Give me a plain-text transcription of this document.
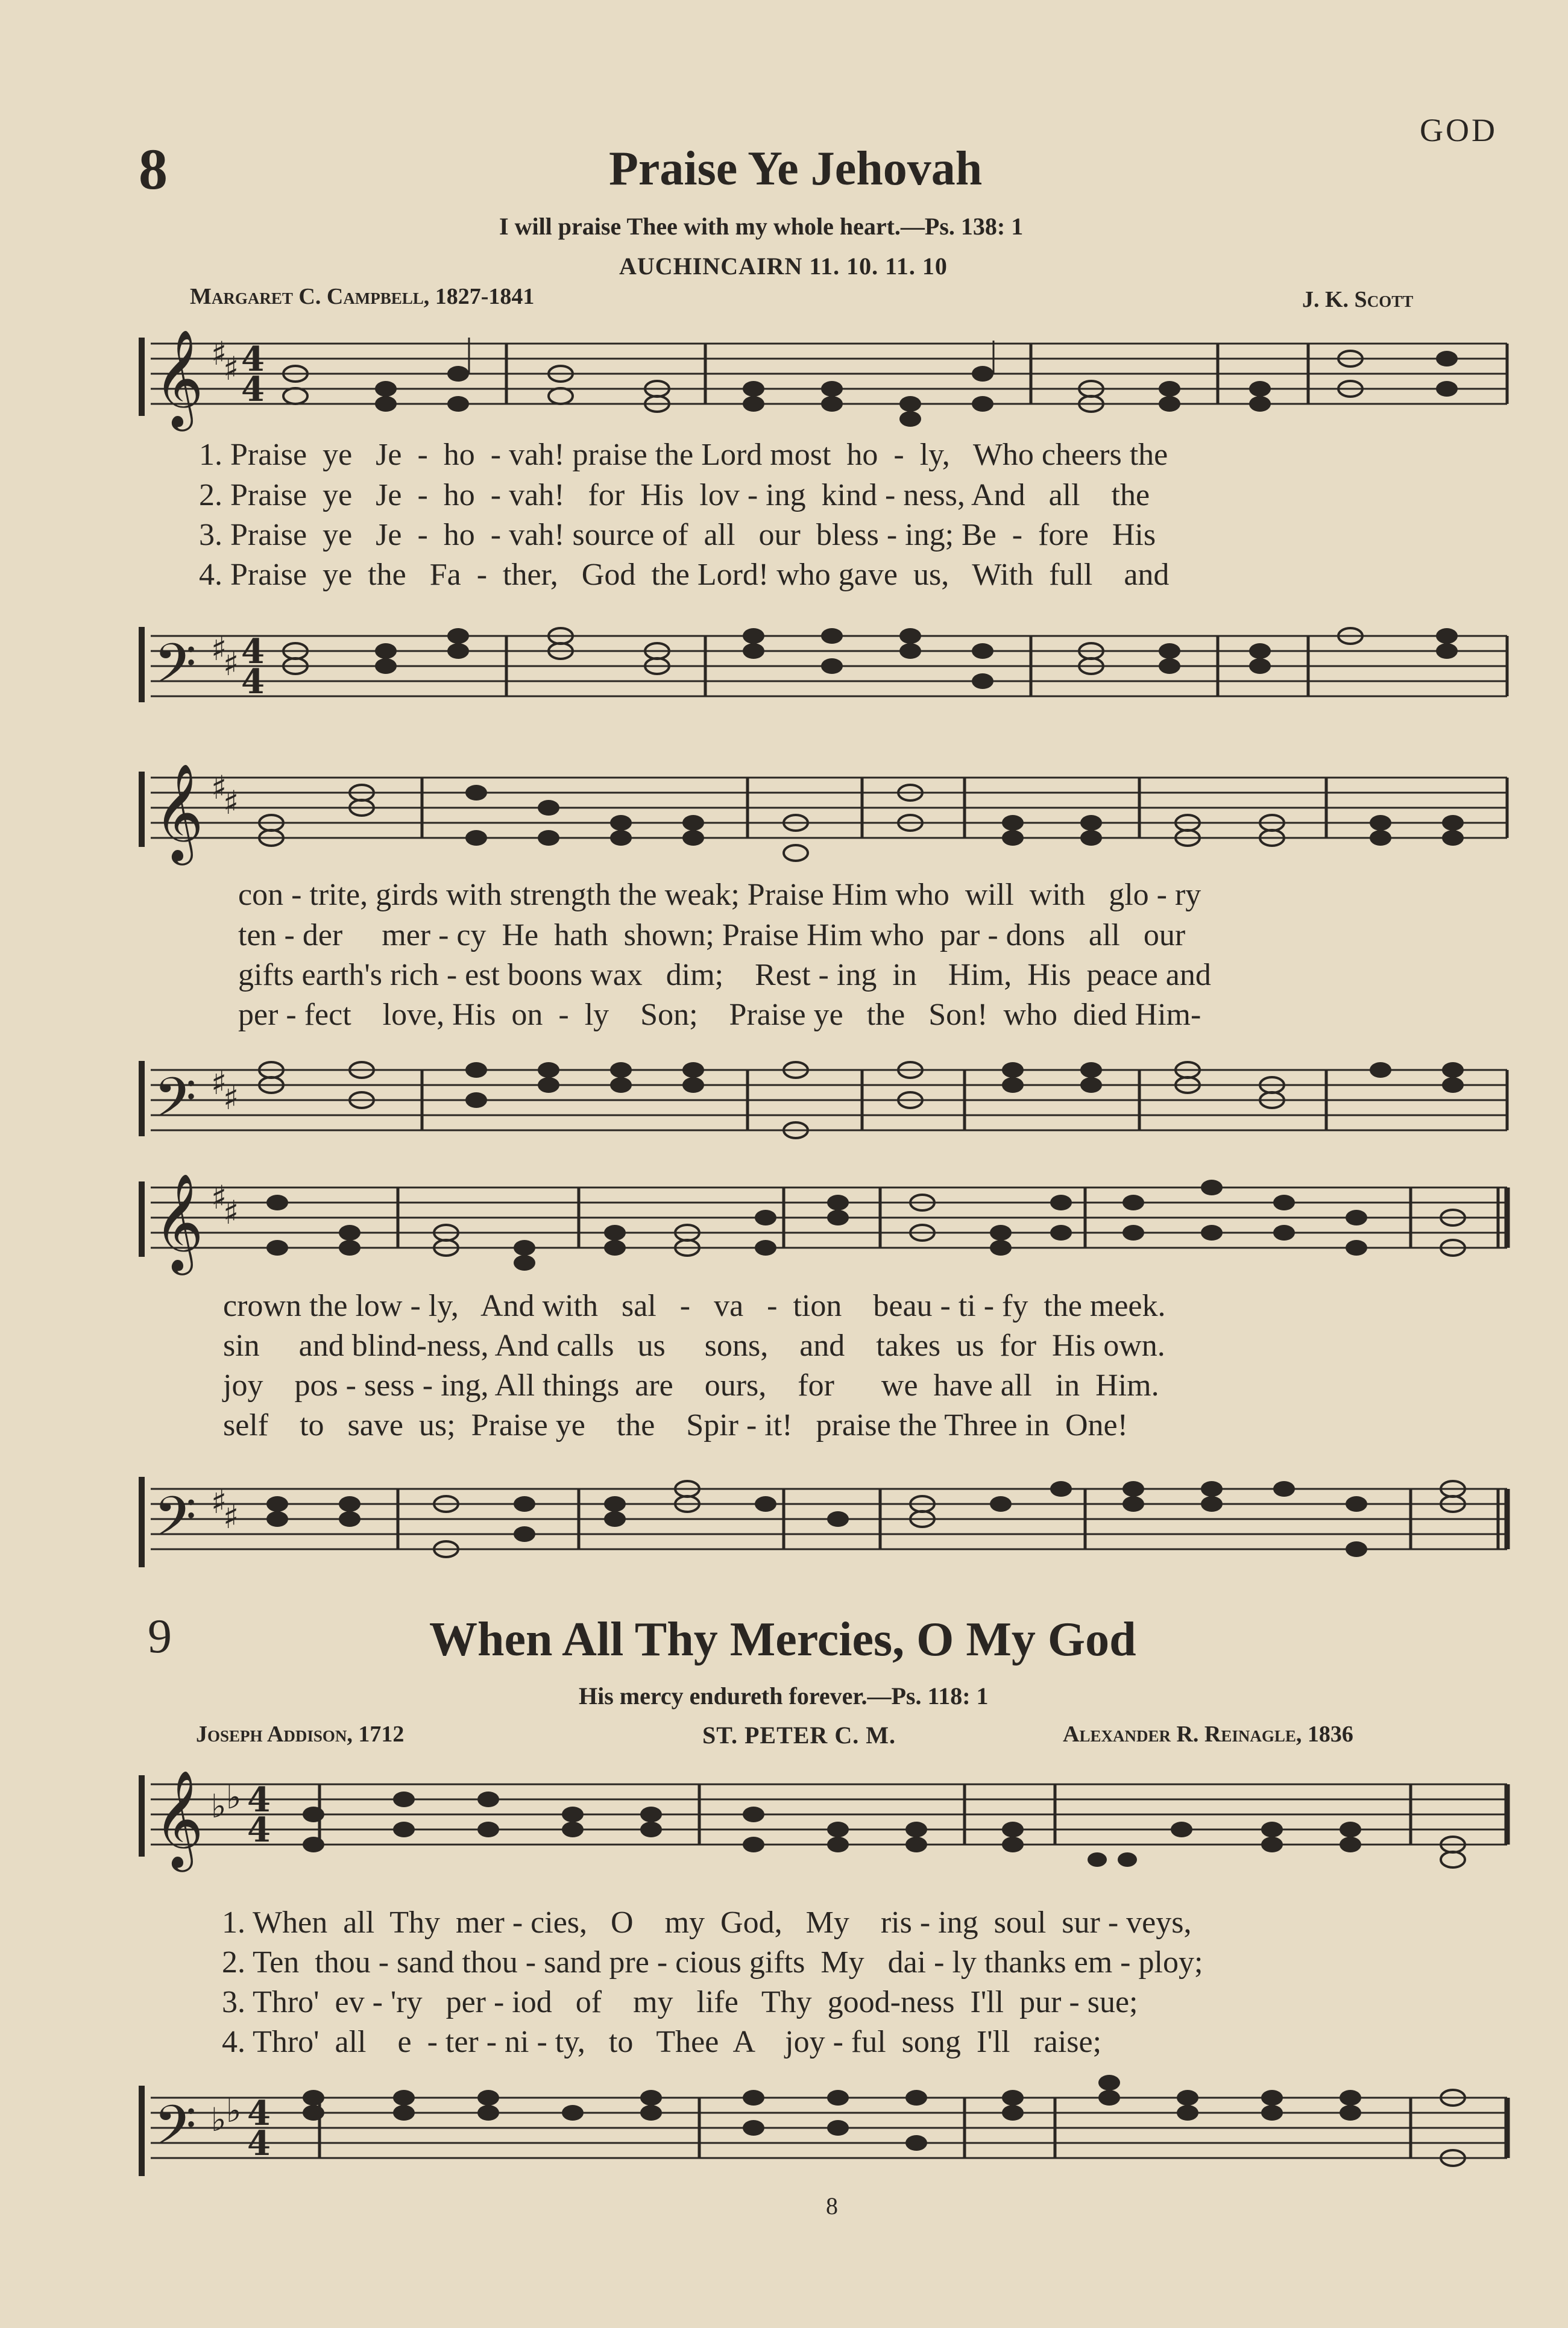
8	Praise Ye Jehovah
GOD
I will praise Thee with my whole heart.—Ps. 138: 1
AUCHINCAIRN 11. 10. 11. 10
Margaret C. Campbell, 1827-1841	J. K. Scott
𝄞 ♯
♯ 4
4
1. Praise  ye   Je  -  ho  - vah! praise the Lord most  ho  -  ly,   Who cheers the
2. Praise  ye   Je  -  ho  - vah!   for  His  lov - ing  kind - ness, And   all    the
3. Praise  ye   Je  -  ho  - vah! source of  all   our  bless - ing; Be  -  fore   His
4. Praise  ye  the   Fa  -  ther,   God  the Lord! who gave  us,   With  full    and
𝄢 ♯
♯ 4
4
𝄞 ♯
♯
con - trite, girds with strength the weak; Praise Him who  will  with   glo - ry
ten - der     mer - cy  He  hath  shown; Praise Him who  par - dons   all   our
gifts earth's rich - est boons wax   dim;    Rest - ing  in    Him,  His  peace and
per - fect    love, His  on  -  ly    Son;    Praise ye   the   Son!  who  died Him-
𝄢 ♯
♯
𝄞 ♯
♯
crown the low - ly,   And with   sal   -   va   -  tion    beau - ti - fy  the meek.
sin     and blind-ness, And calls   us     sons,    and    takes  us  for  His own.
joy    pos - sess - ing, All things  are    ours,    for      we  have all   in  Him.
self    to   save  us;  Praise ye    the    Spir - it!   praise the Three in  One!
𝄢 ♯
♯
9	When All Thy Mercies, O My God
His mercy endureth forever.—Ps. 118: 1
Joseph Addison, 1712	ST. PETER C. M.	Alexander R. Reinagle, 1836
𝄞 ♭ ♭ 4
4
1. When  all  Thy  mer - cies,   O    my  God,   My    ris - ing  soul  sur - veys,
2. Ten  thou - sand thou - sand pre - cious gifts  My   dai - ly thanks em - ploy;
3. Thro'  ev - 'ry   per - iod   of    my   life   Thy  good-ness  I'll  pur - sue;
4. Thro'  all    e  - ter - ni - ty,   to   Thee  A    joy - ful  song  I'll   raise;
𝄢 ♭ ♭ 4
4
8
